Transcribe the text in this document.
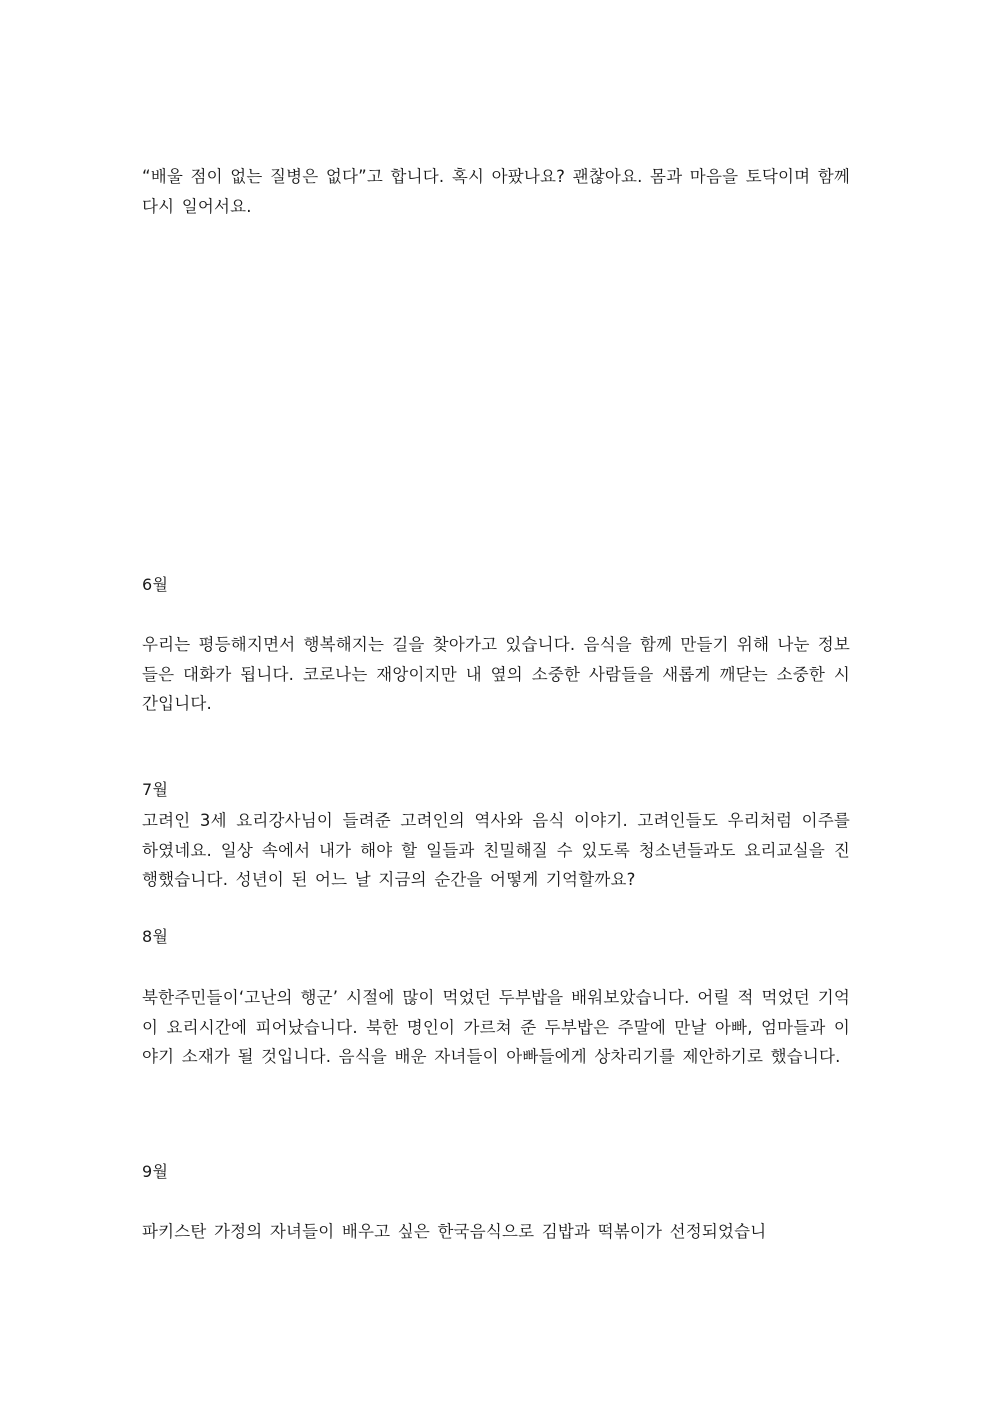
“배울 점이 없는 질병은 없다”고 합니다. 혹시 아팠나요? 괜찮아요. 몸과 마음을 토닥이며 함께 다시 일어서요.

6월

우리는 평등해지면서 행복해지는 길을 찾아가고 있습니다. 음식을 함께 만들기 위해 나눈 정보들은 대화가 됩니다. 코로나는 재앙이지만 내 옆의 소중한 사람들을 새롭게 깨닫는 소중한 시간입니다.

7월

고려인 3세 요리강사님이 들려준 고려인의 역사와 음식 이야기. 고려인들도 우리처럼 이주를 하였네요. 일상 속에서 내가 해야 할 일들과 친밀해질 수 있도록 청소년들과도 요리교실을 진행했습니다. 성년이 된 어느 날 지금의 순간을 어떻게 기억할까요?

8월

북한주민들이‘고난의 행군’ 시절에 많이 먹었던 두부밥을 배워보았습니다. 어릴 적 먹었던 기억이 요리시간에 피어났습니다. 북한 명인이 가르쳐 준 두부밥은 주말에 만날 아빠, 엄마들과 이야기 소재가 될 것입니다. 음식을 배운 자녀들이 아빠들에게 상차리기를 제안하기로 했습니다.

9월

파키스탄 가정의 자녀들이 배우고 싶은 한국음식으로 김밥과 떡볶이가 선정되었습니
